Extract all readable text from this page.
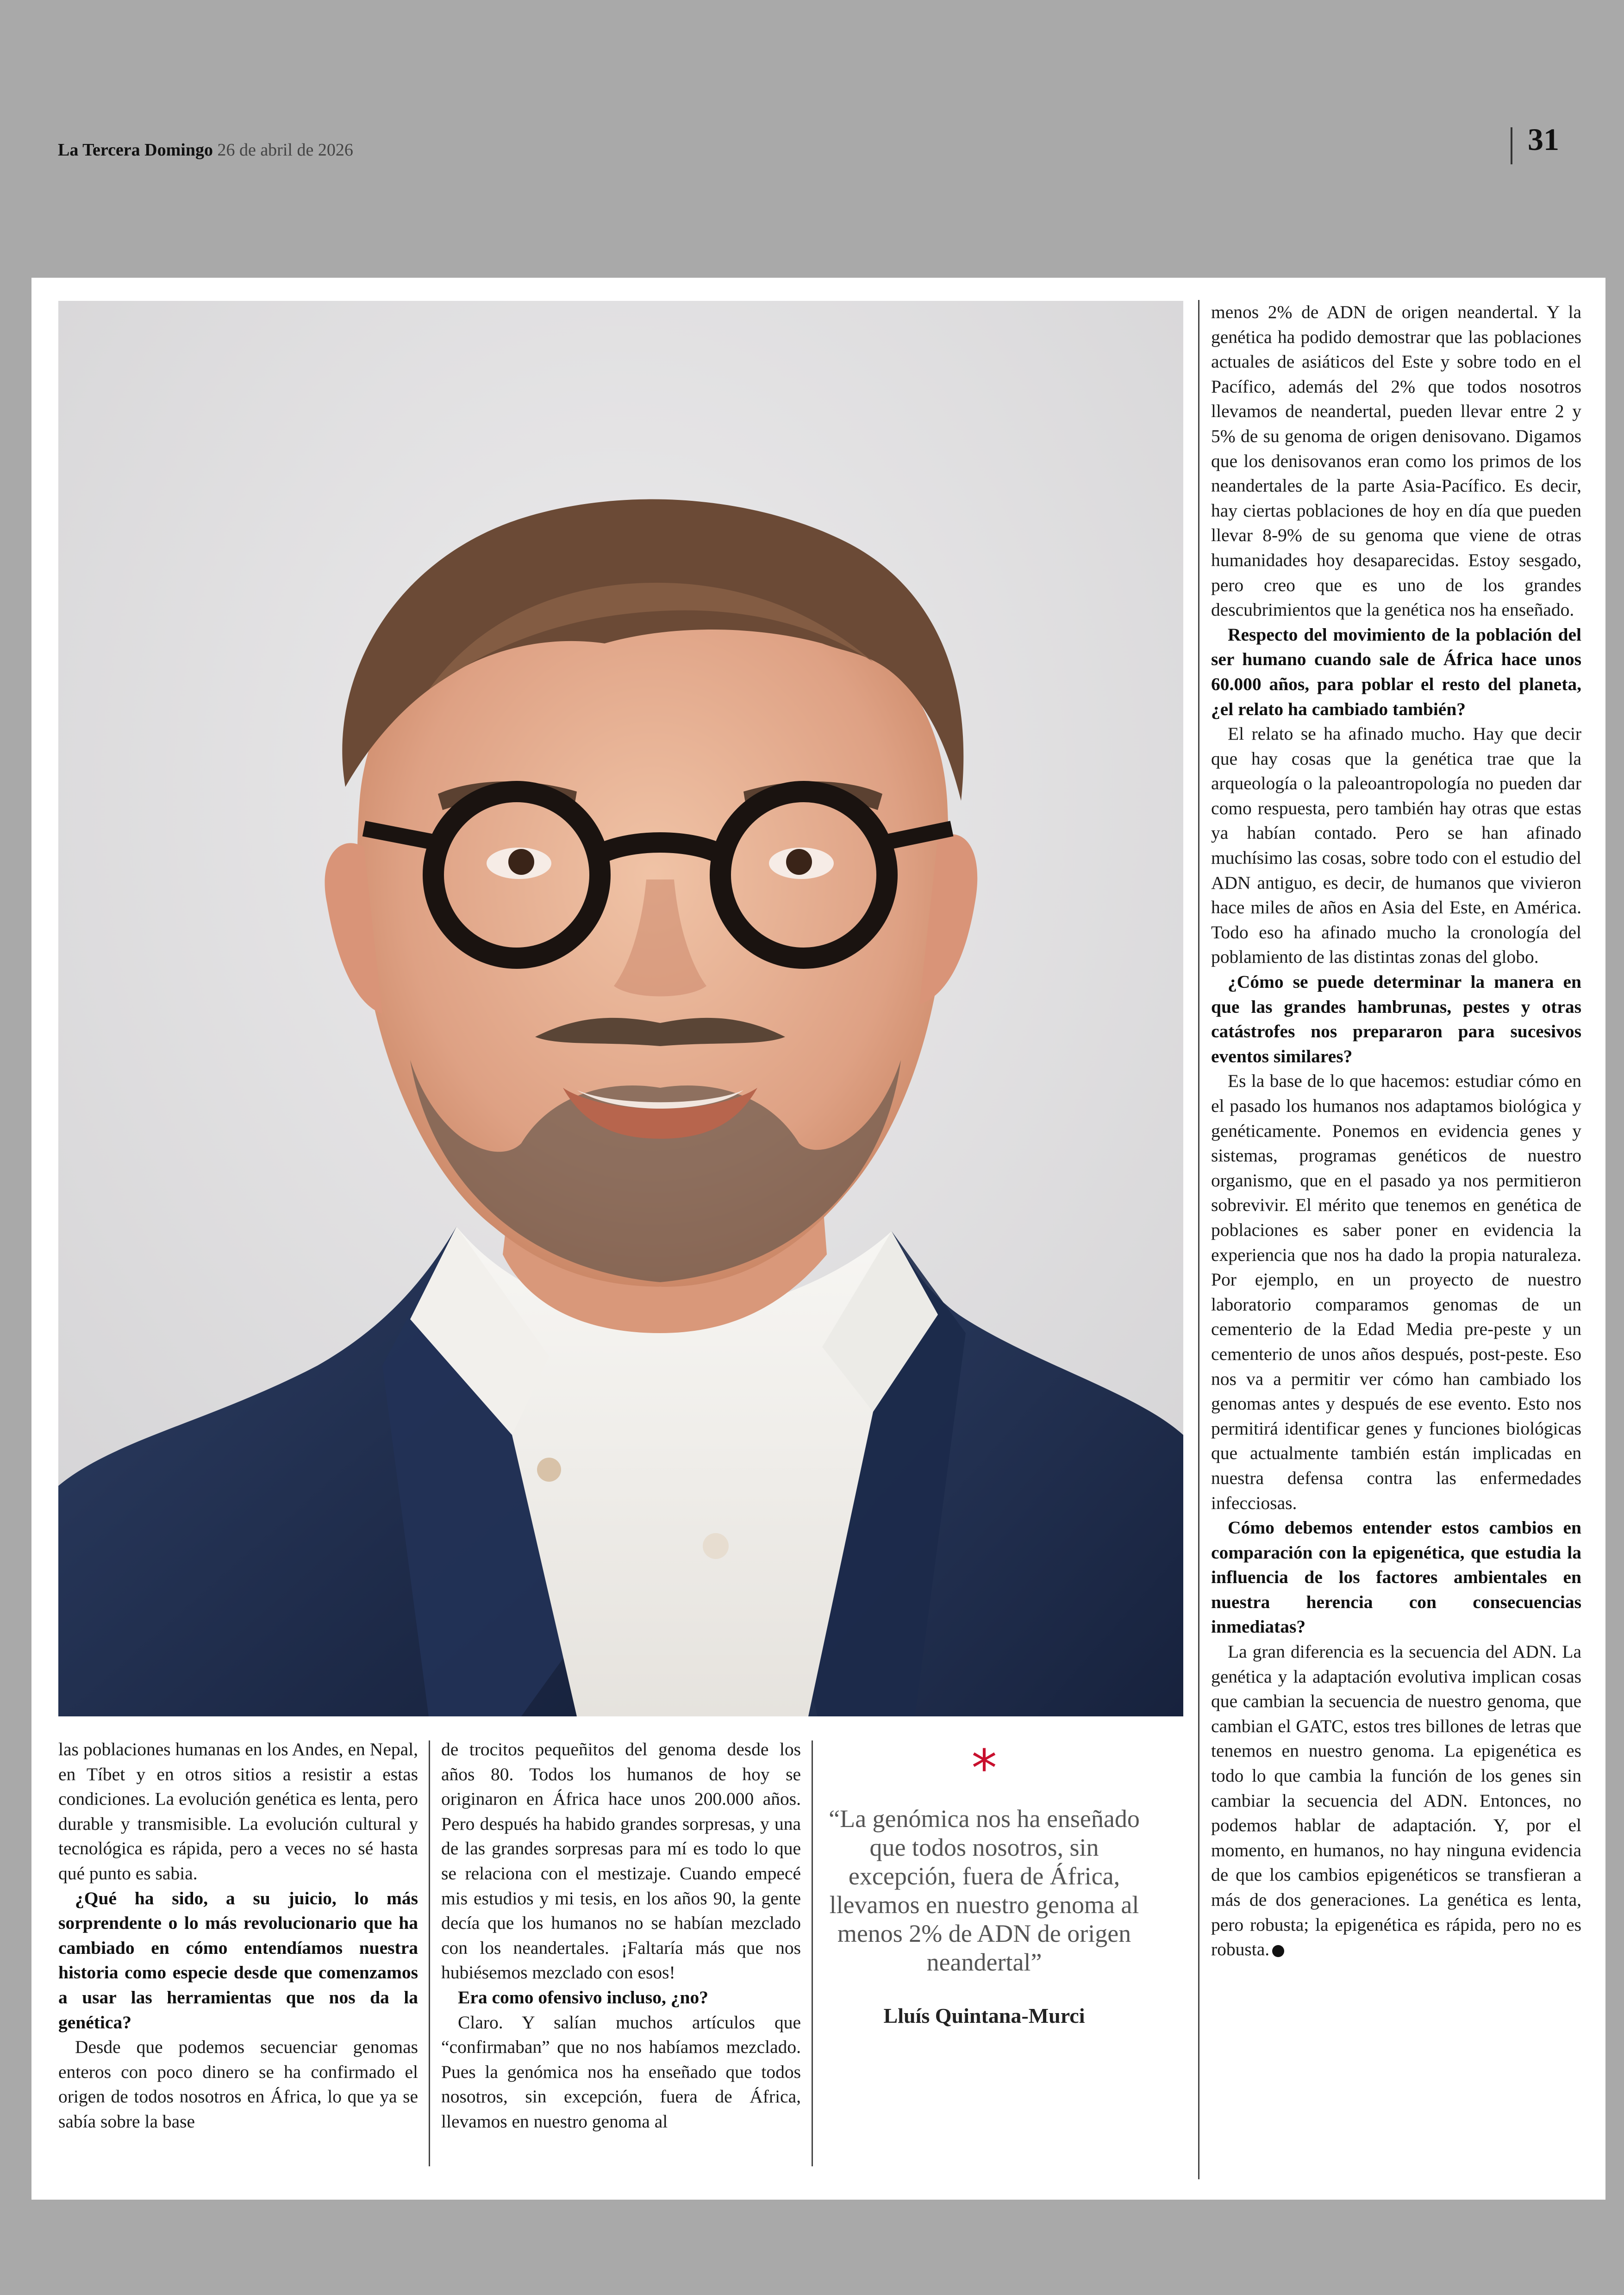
La Tercera Domingo 26 de abril de 2026	31

menos 2% de ADN de origen neandertal. Y la genética ha podido demostrar que las poblaciones actuales de asiáticos del Este y sobre todo en el Pacífico, además del 2% que todos nosotros llevamos de neandertal, pueden llevar entre 2 y 5% de su genoma de origen denisovano. Digamos que los denisovanos eran como los primos de los neandertales de la parte Asia-Pacífico. Es decir, hay ciertas poblaciones de hoy en día que pueden llevar 8-9% de su genoma que viene de otras humanidades hoy desaparecidas. Estoy sesgado, pero creo que es uno de los grandes descubrimientos que la genética nos ha enseñado.

Respecto del movimiento de la población del ser humano cuando sale de África hace unos 60.000 años, para poblar el resto del planeta, ¿el relato ha cambiado también?

El relato se ha afinado mucho. Hay que decir que hay cosas que la genética trae que la arqueología o la paleoantropología no pueden dar como respuesta, pero también hay otras que estas ya habían contado. Pero se han afinado muchísimo las cosas, sobre todo con el estudio del ADN antiguo, es decir, de humanos que vivieron hace miles de años en Asia del Este, en América. Todo eso ha afinado mucho la cronología del poblamiento de las distintas zonas del globo.

¿Cómo se puede determinar la manera en que las grandes hambrunas, pestes y otras catástrofes nos prepararon para sucesivos eventos similares?

Es la base de lo que hacemos: estudiar cómo en el pasado los humanos nos adaptamos biológica y genéticamente. Ponemos en evidencia genes y sistemas, programas genéticos de nuestro organismo, que en el pasado ya nos permitieron sobrevivir. El mérito que tenemos en genética de poblaciones es saber poner en evidencia la experiencia que nos ha dado la propia naturaleza. Por ejemplo, en un proyecto de nuestro laboratorio comparamos genomas de un cementerio de la Edad Media pre-peste y un cementerio de unos años después, post-peste. Eso nos va a permitir ver cómo han cambiado los genomas antes y después de ese evento. Esto nos permitirá identificar genes y funciones biológicas que actualmente también están implicadas en nuestra defensa contra las enfermedades infecciosas.

Cómo debemos entender estos cambios en comparación con la epigenética, que estudia la influencia de los factores ambientales en nuestra herencia con consecuencias inmediatas?

La gran diferencia es la secuencia del ADN. La genética y la adaptación evolutiva implican cosas que cambian la secuencia de nuestro genoma, que cambian el GATC, estos tres billones de letras que tenemos en nuestro genoma. La epigenética es todo lo que cambia la función de los genes sin cambiar la secuencia del ADN. Entonces, no podemos hablar de adaptación. Y, por el momento, en humanos, no hay ninguna evidencia de que los cambios epigenéticos se transfieran a más de dos generaciones. La genética es lenta, pero robusta; la epigenética es rápida, pero no es robusta.

las poblaciones humanas en los Andes, en Nepal, en Tíbet y en otros sitios a resistir a estas condiciones. La evolución genética es lenta, pero durable y transmisible. La evolución cultural y tecnológica es rápida, pero a veces no sé hasta qué punto es sabia.

¿Qué ha sido, a su juicio, lo más sorprendente o lo más revolucionario que ha cambiado en cómo entendíamos nuestra historia como especie desde que comenzamos a usar las herramientas que nos da la genética?

Desde que podemos secuenciar genomas enteros con poco dinero se ha confirmado el origen de todos nosotros en África, lo que ya se sabía sobre la base

de trocitos pequeñitos del genoma desde los años 80. Todos los humanos de hoy se originaron en África hace unos 200.000 años. Pero después ha habido grandes sorpresas, y una de las grandes sorpresas para mí es todo lo que se relaciona con el mestizaje. Cuando empecé mis estudios y mi tesis, en los años 90, la gente decía que los humanos no se habían mezclado con los neandertales. ¡Faltaría más que nos hubiésemos mezclado con esos!

Era como ofensivo incluso, ¿no?

Claro. Y salían muchos artículos que “confirmaban” que no nos habíamos mezclado. Pues la genómica nos ha enseñado que todos nosotros, sin excepción, fuera de África, llevamos en nuestro genoma al

*
“La genómica nos ha enseñado que todos nosotros, sin excepción, fuera de África, llevamos en nuestro genoma al menos 2% de ADN de origen neandertal”
Lluís Quintana-Murci
